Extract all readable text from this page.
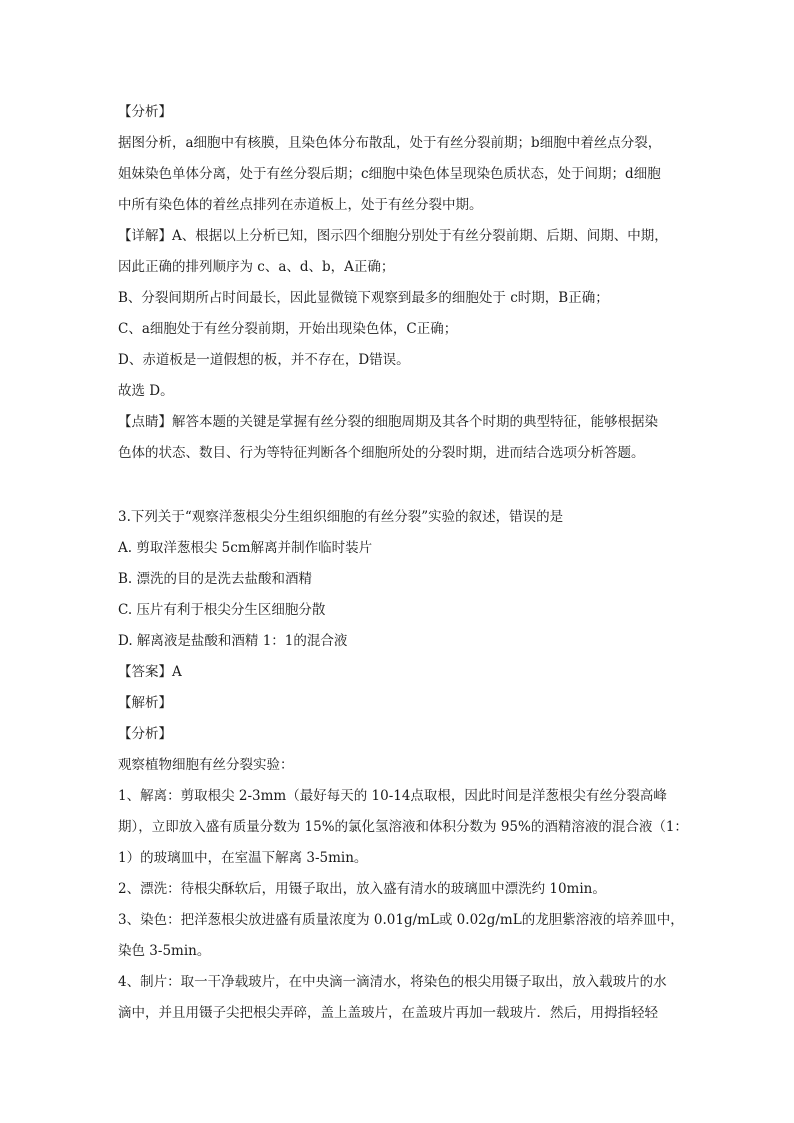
【分析】
据图分析，a细胞中有核膜，且染色体分布散乱，处于有丝分裂前期；b细胞中着丝点分裂，
姐妹染色单体分离，处于有丝分裂后期；c细胞中染色体呈现染色质状态，处于间期；d细胞
中所有染色体的着丝点排列在赤道板上，处于有丝分裂中期。
【详解】A、根据以上分析已知，图示四个细胞分别处于有丝分裂前期、后期、间期、中期，
因此正确的排列顺序为 c、a、d、b，A正确；
B、分裂间期所占时间最长，因此显微镜下观察到最多的细胞处于 c时期，B正确；
C、a细胞处于有丝分裂前期，开始出现染色体，C正确；
D、赤道板是一道假想的板，并不存在，D错误。
故选 D。
【点睛】解答本题的关键是掌握有丝分裂的细胞周期及其各个时期的典型特征，能够根据染
色体的状态、数目、行为等特征判断各个细胞所处的分裂时期，进而结合选项分析答题。
3.下列关于“观察洋葱根尖分生组织细胞的有丝分裂”实验的叙述，错误的是
A. 剪取洋葱根尖 5cm解离并制作临时装片
B. 漂洗的目的是洗去盐酸和酒精
C. 压片有利于根尖分生区细胞分散
D. 解离液是盐酸和酒精 1：1的混合液
【答案】A
【解析】
【分析】
观察植物细胞有丝分裂实验：
1、解离：剪取根尖 2-3mm（最好每天的 10-14点取根，因此时间是洋葱根尖有丝分裂高峰
期），立即放入盛有质量分数为 15%的氯化氢溶液和体积分数为 95%的酒精溶液的混合液（1：
1）的玻璃皿中，在室温下解离 3-5min。
2、漂洗：待根尖酥软后，用镊子取出，放入盛有清水的玻璃皿中漂洗约 10min。
3、染色：把洋葱根尖放进盛有质量浓度为 0.01g/mL或 0.02g/mL的龙胆紫溶液的培养皿中，
染色 3-5min。
4、制片：取一干净载玻片，在中央滴一滴清水，将染色的根尖用镊子取出，放入载玻片的水
滴中，并且用镊子尖把根尖弄碎，盖上盖玻片，在盖玻片再加一载玻片．然后，用拇指轻轻
